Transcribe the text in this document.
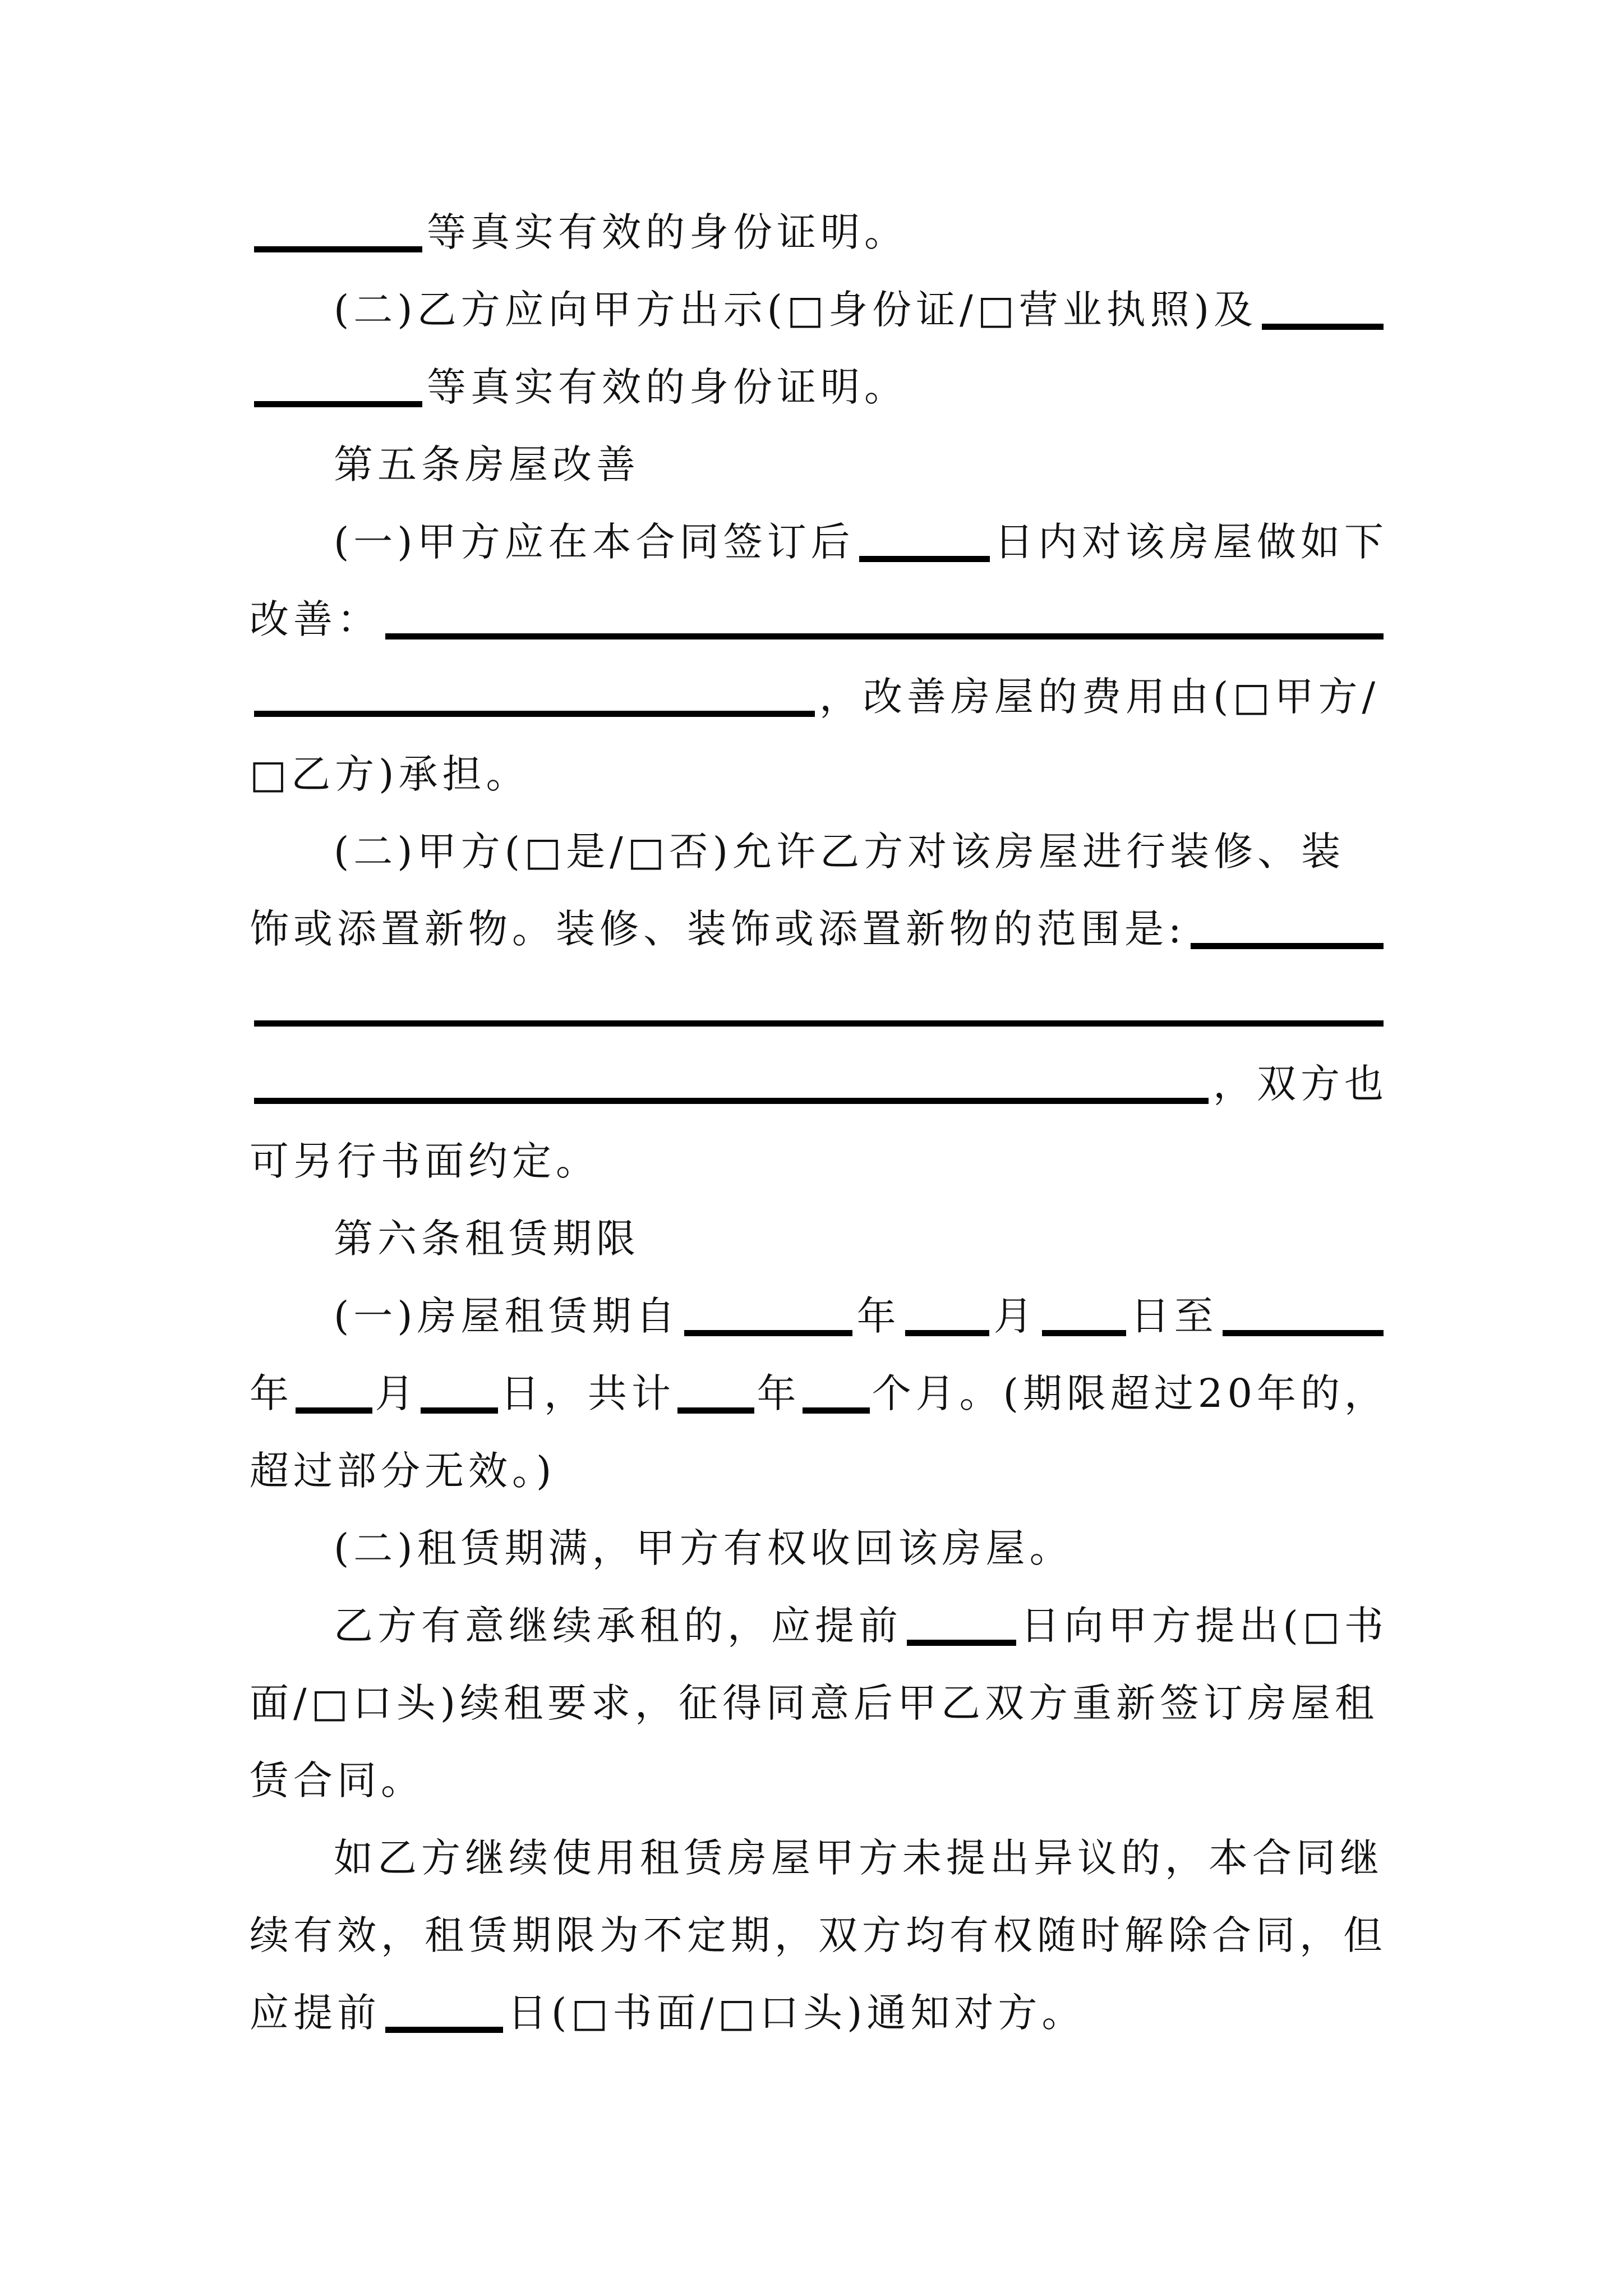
等真实有效的身份证明。
(二)乙方应向甲方出示(□身份证/□营业执照)及
等真实有效的身份证明。
第五条房屋改善
(一)甲方应在本合同签订后	日内对该房屋做如下
改善：
，改善房屋的费用由(□甲方/
□乙方)承担。
(二)甲方(□是/□否)允许乙方对该房屋进行装修、装
饰或添置新物。装修、装饰或添置新物的范围是:
，双方也
可另行书面约定。
第六条租赁期限
(一)房屋租赁期自	年 月 日至
年 月 日，共计 年 个月。(期限超过20年的，
超过部分无效。)
(二)租赁期满，甲方有权收回该房屋。
乙方有意继续承租的，应提前	日向甲方提出(□书
面/□口头)续租要求，征得同意后甲乙双方重新签订房屋租
赁合同。
如乙方继续使用租赁房屋甲方未提出异议的，本合同继
续有效，租赁期限为不定期，双方均有权随时解除合同，但
应提前	日(□书面/□口头)通知对方。
